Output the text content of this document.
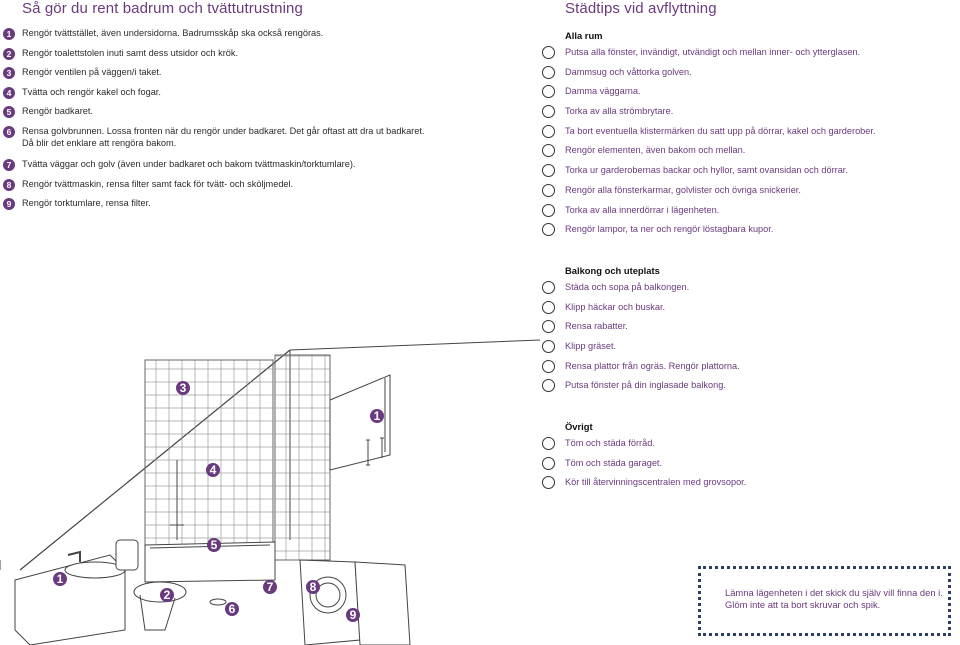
Så gör du rent badrum och tvättutrustning	Städtips vid avflyttning
1	Rengör tvättstället, även undersidorna. Badrumsskåp ska också rengöras.
2	Rengör toalettstolen inuti samt dess utsidor och krök.
3	Rengör ventilen på väggen/i taket.
4	Tvätta och rengör kakel och fogar.
5	Rengör badkaret.
6	Rensa golvbrunnen. Lossa fronten när du rengör under badkaret. Det går oftast att dra ut badkaret.
Då blir det enklare att rengöra bakom.
7	Tvätta väggar och golv (även under badkaret och bakom tvättmaskin/torktumlare).
8	Rengör tvättmaskin, rensa filter samt fack för tvätt- och sköljmedel.
9	Rengör torktumlare, rensa filter.
Alla rum
Putsa alla fönster, invändigt, utvändigt och mellan inner- och ytterglasen.
Dammsug och våttorka golven.
Damma väggarna.
Torka av alla strömbrytare.
Ta bort eventuella klistermärken du satt upp på dörrar, kakel och garderober.
Rengör elementen, även bakom och mellan.
Torka ur garderobernas backar och hyllor, samt ovansidan och dörrar.
Rengör alla fönsterkarmar, golvlister och övriga snickerier.
Torka av alla innerdörrar i lägenheten.
Rengör lampor, ta ner och rengör löstagbara kupor.
Balkong och uteplats
Städa och sopa på balkongen.
Klipp häckar och buskar.
Rensa rabatter.
Klipp gräset.
Rensa plattor från ogräs. Rengör plattorna.
Putsa fönster på din inglasade balkong.
Övrigt
Töm och städa förråd.
Töm och städa garaget.
Kör till återvinningscentralen med grovsopor.
Lämna lägenheten i det skick du själv vill finna den i.
Glöm inte att ta bort skruvar och spik.
3
1
4
5
1
2
7	8
6	9
